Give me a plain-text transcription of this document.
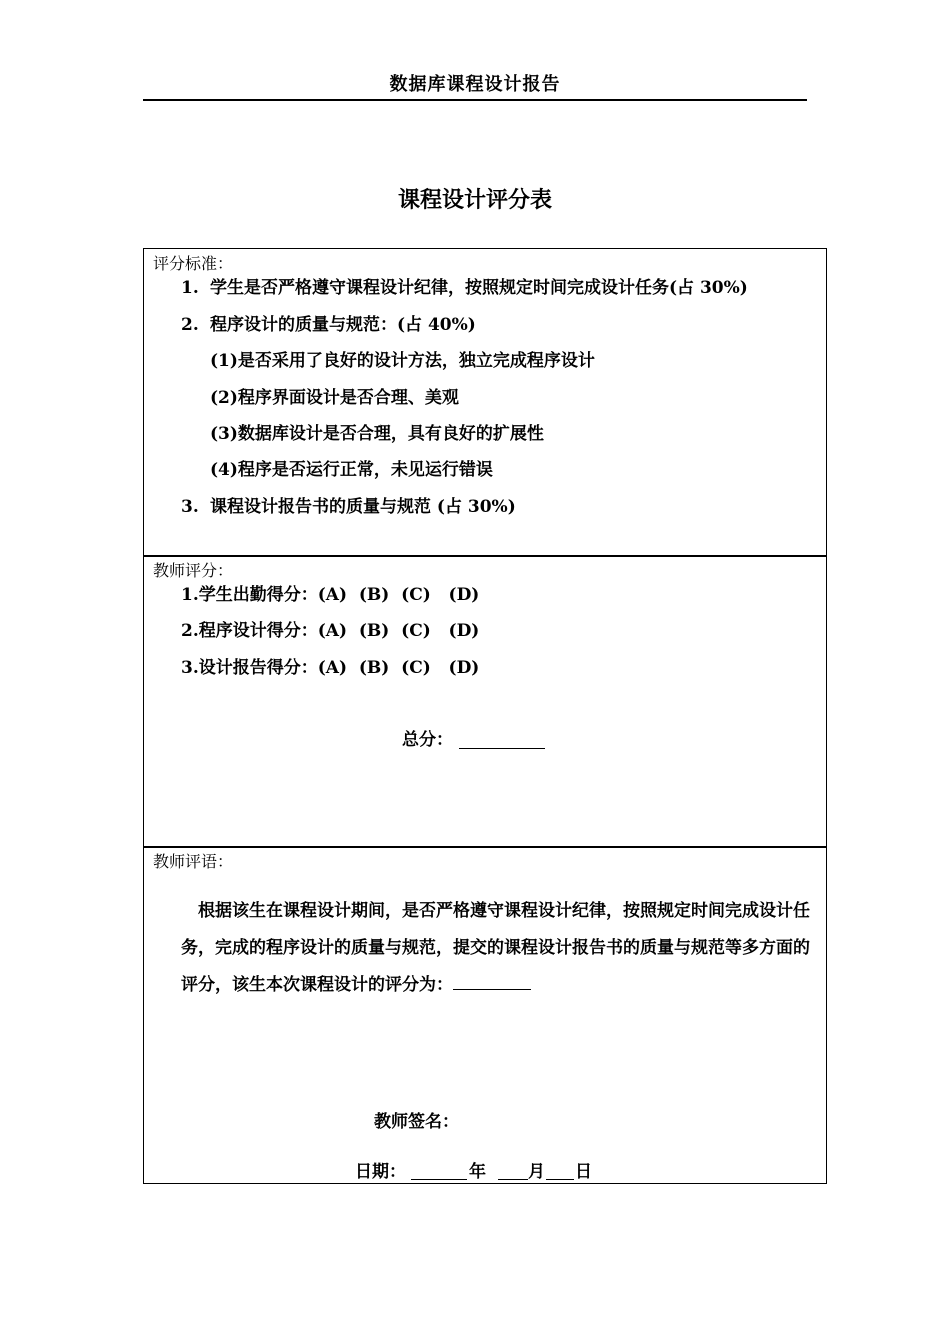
数据库课程设计报告
课程设计评分表
评分标准：
1. 学生是否严格遵守课程设计纪律，按照规定时间完成设计任务(占 30%)
2. 程序设计的质量与规范：(占 40%)
(1)是否采用了良好的设计方法，独立完成程序设计
(2)程序界面设计是否合理、美观
(3)数据库设计是否合理，具有良好的扩展性
(4)程序是否运行正常，未见运行错误
3. 课程设计报告书的质量与规范 (占 30%)
教师评分：
1.学生出勤得分：(A)  (B)  (C)   (D)
2.程序设计得分：(A)  (B)  (C)   (D)
3.设计报告得分：(A)  (B)  (C)   (D)
总分：
教师评语：
根据该生在课程设计期间，是否严格遵守课程设计纪律，按照规定时间完成设计任务，完成的程序设计的质量与规范，提交的课程设计报告书的质量与规范等多方面的评分，该生本次课程设计的评分为：
教师签名：
日期：	年 月 日
